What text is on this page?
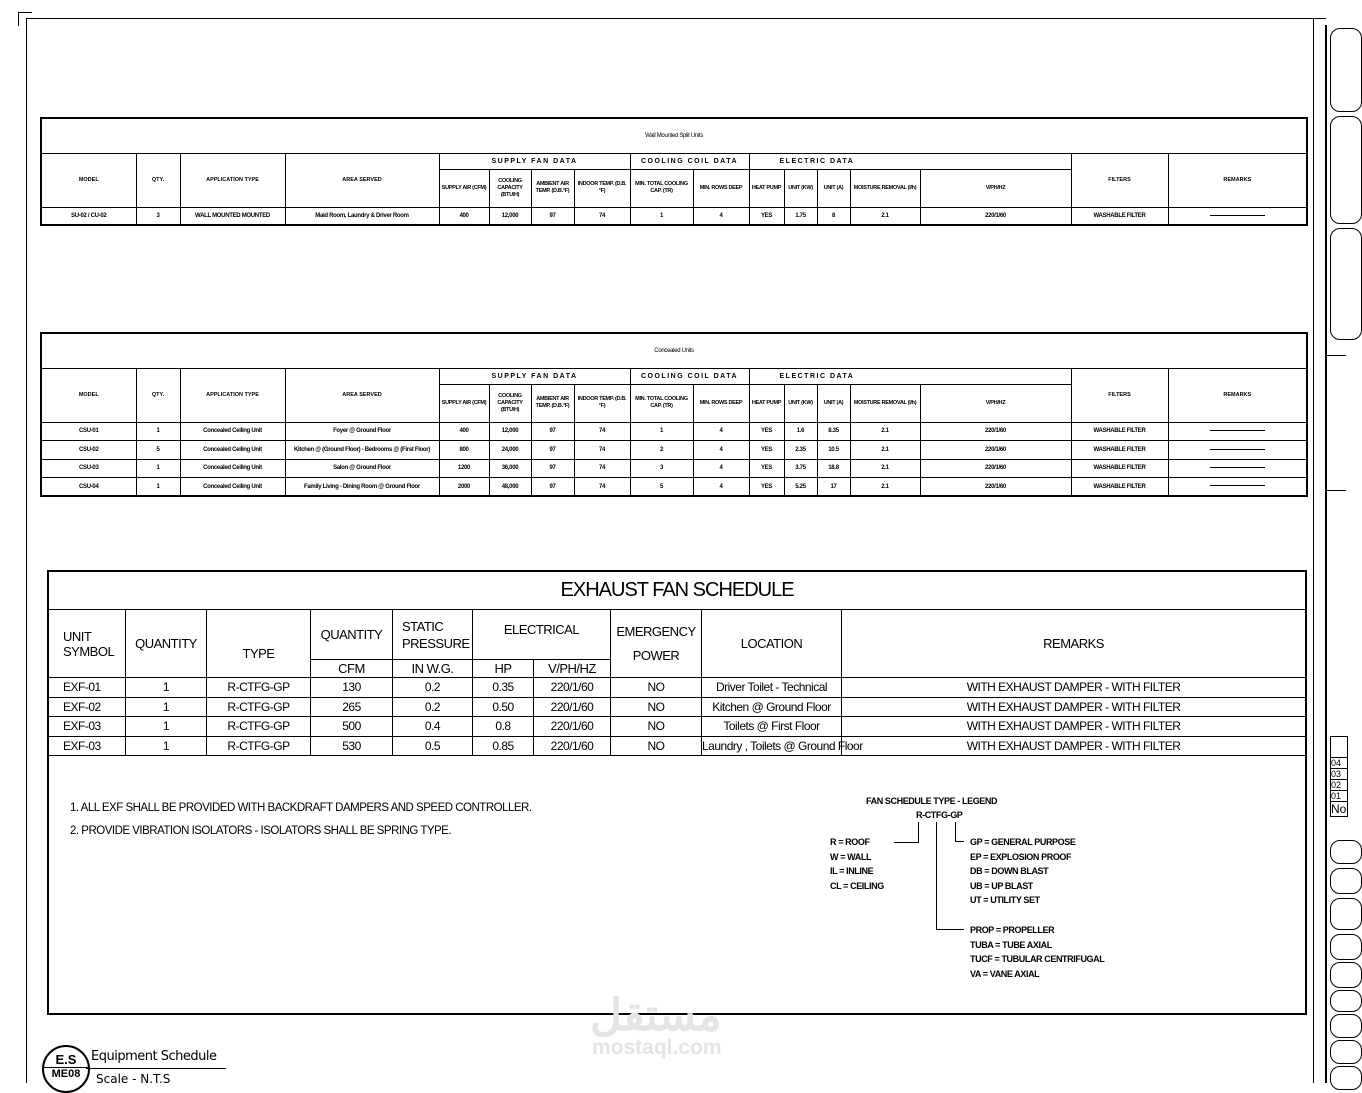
04
03
02
01
No
Wall Mounted Split Units																
MODEL	QTY.	APPLICATION TYPE	AREA SERVED	SUPPLY FAN DATA				COOLING COIL DATA		ELECTRIC DATA					FILTERS	REMARKS
				SUPPLY AIR (CFM)	COOLING CAPACITY (BTU/H)	AMBIENT AIR TEMP. (D.B.°F)	INDOOR TEMP. (D.B.°F)	MIN. TOTAL COOLING CAP. (TR)	MIN. ROWS DEEP	HEAT PUMP	UNIT (KW)	UNIT (A)	MOISTURE REMOVAL (l/h)	V/PH/HZ		
SU-02 / CU-02	3	WALL MOUNTED MOUNTED	Maid Room, Laundry & Driver Room	400	12,000	97	74	1	4	YES	1.75	8	2.1	220/1/60	WASHABLE FILTER	
Concealed Units																
MODEL	QTY.	APPLICATION TYPE	AREA SERVED	SUPPLY FAN DATA				COOLING COIL DATA		ELECTRIC DATA					FILTERS	REMARKS
				SUPPLY AIR (CFM)	COOLING CAPACITY (BTU/H)	AMBIENT AIR TEMP. (D.B.°F)	INDOOR TEMP. (D.B.°F)	MIN. TOTAL COOLING CAP. (TR)	MIN. ROWS DEEP	HEAT PUMP	UNIT (KW)	UNIT (A)	MOISTURE REMOVAL (l/h)	V/PH/HZ		
CSU-01	1	Concealed Ceiling Unit	Foyer @ Ground Floor	400	12,000	97	74	1	4	YES	1.6	8.35	2.1	220/1/60	WASHABLE FILTER	
CSU-02	5	Concealed Ceiling Unit	Kitchen @ (Ground Floor) - Bedrooms @ (First Floor)	800	24,000	97	74	2	4	YES	2.35	10.5	2.1	220/1/60	WASHABLE FILTER	
CSU-03	1	Concealed Ceiling Unit	Salon @ Ground Floor	1200	36,000	97	74	3	4	YES	3.75	18.8	2.1	220/1/60	WASHABLE FILTER	
CSU-04	1	Concealed Ceiling Unit	Family Living - Dining Room @ Ground Floor	2000	48,000	97	74	5	4	YES	5.25	17	2.1	220/1/60	WASHABLE FILTER	
EXHAUST FAN SCHEDULE									
UNIT SYMBOL	QUANTITY	TYPE	QUANTITY	STATIC PRESSURE	ELECTRICAL		EMERGENCY POWER	LOCATION	REMARKS
			CFM	IN W.G.	HP	V/PH/HZ			
EXF-01	1	R-CTFG-GP	130	0.2	0.35	220/1/60	NO	Driver Toilet - Technical	WITH EXHAUST DAMPER - WITH FILTER
EXF-02	1	R-CTFG-GP	265	0.2	0.50	220/1/60	NO	Kitchen @ Ground Floor	WITH EXHAUST DAMPER - WITH FILTER
EXF-03	1	R-CTFG-GP	500	0.4	0.8	220/1/60	NO	Toilets @ First Floor	WITH EXHAUST DAMPER - WITH FILTER
EXF-03	1	R-CTFG-GP	530	0.5	0.85	220/1/60	NO	Laundry , Toilets @ Ground Floor	WITH EXHAUST DAMPER - WITH FILTER
1. ALL EXF SHALL BE PROVIDED WITH BACKDRAFT DAMPERS AND SPEED CONTROLLER.
2. PROVIDE VIBRATION ISOLATORS - ISOLATORS SHALL BE SPRING TYPE.
FAN SCHEDULE TYPE - LEGEND
R-CTFG-GP
R = ROOF
W = WALL
IL = INLINE
CL = CEILING
GP = GENERAL PURPOSE
EP = EXPLOSION PROOF
DB = DOWN BLAST
UB = UP BLAST
UT = UTILITY SET
PROP = PROPELLER
TUBA = TUBE AXIAL
TUCF = TUBULAR CENTRIFUGAL
VA = VANE AXIAL
مستقل
mostaql.com
E.S
ME08
Equipment Schedule
Scale - N.T.S
